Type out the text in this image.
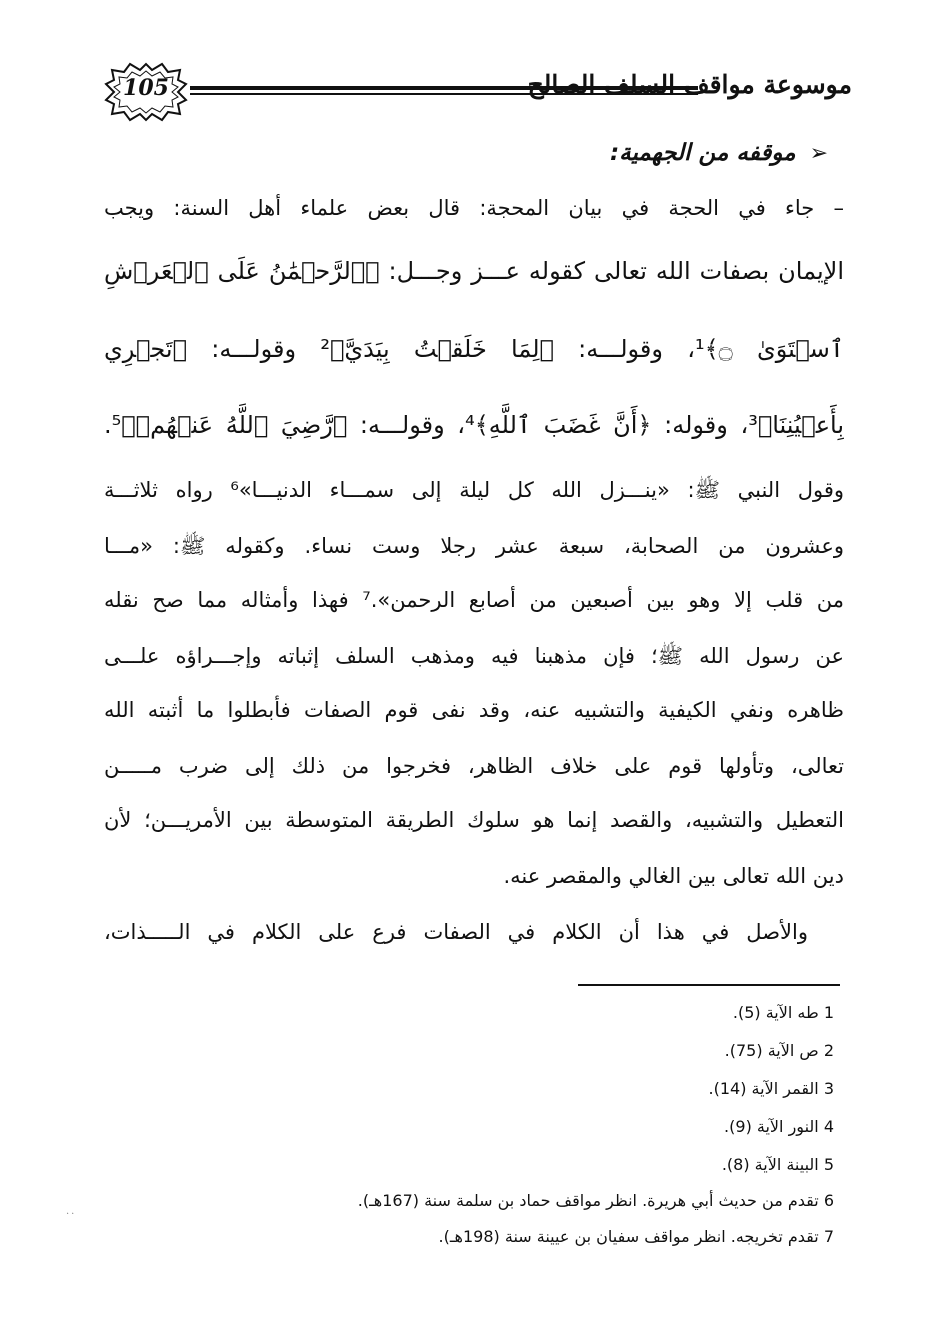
105	موسوعة مواقف السلف الصالح
➢موقفه من الجهمية:
– جاء في الحجة في بيان المحجة: قال بعض علماء أهل السنة: ويجب
الإيمان بصفات الله تعالى كقوله عـــز وجـــل: ﴿ٱلرَّحۡمَٰنُ عَلَى ٱلۡعَرۡشِ
ٱسۡتَوَىٰ ۝﴾¹، وقولـــه: ﴿لِمَا خَلَقۡتُ بِيَدَيَّ﴾² وقولـــه: ﴿تَجۡرِي
بِأَعۡيُنِنَا﴾³، وقوله: ﴿أَنَّ غَضَبَ ٱللَّهِ﴾⁴، وقولـــه: ﴿رَّضِيَ ٱللَّهُ عَنۡهُمۡ﴾⁵.
وقول النبي ﷺ: «ينـــزل الله كل ليلة إلى سمـــاء الدنيـــا»⁶ رواه ثلاثـــة
وعشرون من الصحابة، سبعة عشر رجلا وست نساء. وكقوله ﷺ: «مـــا
من قلب إلا وهو بين أصبعين من أصابع الرحمن».⁷ فهذا وأمثاله مما صح نقله
عن رسول الله ﷺ؛ فإن مذهبنا فيه ومذهب السلف إثباته وإجـــراؤه علـــى
ظاهره ونفي الكيفية والتشبيه عنه، وقد نفى قوم الصفات فأبطلوا ما أثبته الله
تعالى، وتأولها قوم على خلاف الظاهر، فخرجوا من ذلك إلى ضرب مـــــن
التعطيل والتشبيه، والقصد إنما هو سلوك الطريقة المتوسطة بين الأمريـــن؛ لأن
دين الله تعالى بين الغالي والمقصر عنه.
والأصل في هذا أن الكلام في الصفات فرع على الكلام في الـــــذات،
1 طه الآية (5).
2 ص الآية (75).
3 القمر الآية (14).
4 النور الآية (9).
5 البينة الآية (8).
6 تقدم من حديث أبي هريرة. انظر مواقف حماد بن سلمة سنة (167هـ).
7 تقدم تخريجه. انظر مواقف سفيان بن عيينة سنة (198هـ).
..
